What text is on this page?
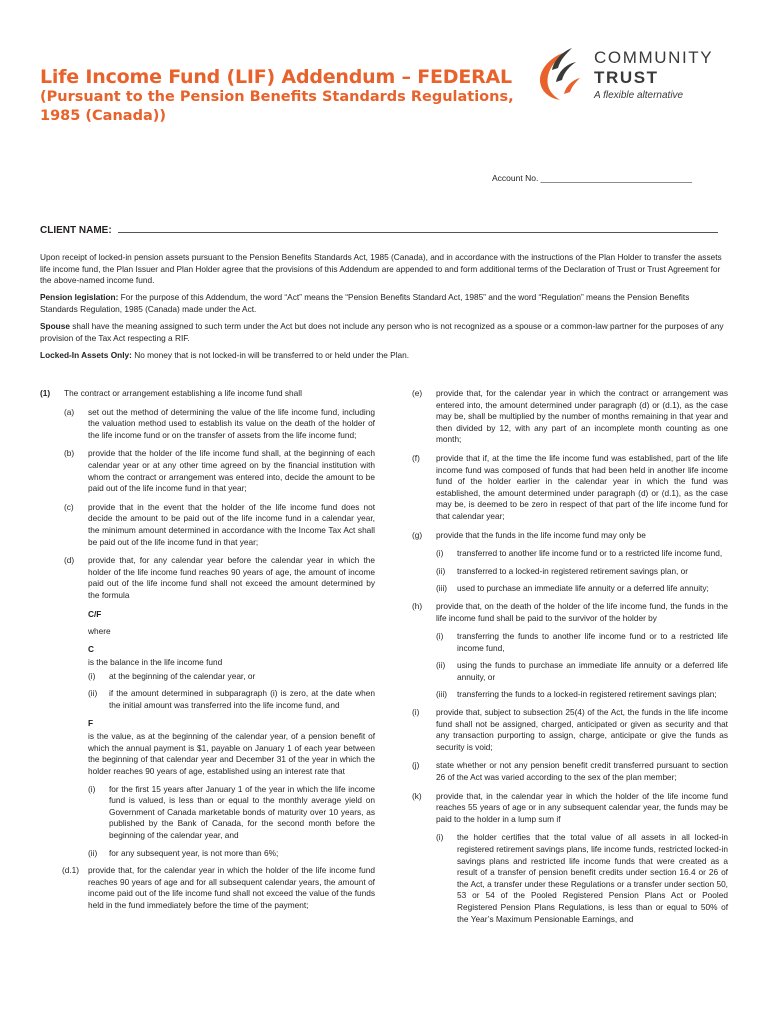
Life Income Fund (LIF) Addendum – FEDERAL
(Pursuant to the Pension Benefits Standards Regulations,
1985 (Canada))
COMMUNITY
TRUST
A flexible alternative
Account No. ________________________________
CLIENT NAME:

Upon receipt of locked-in pension assets pursuant to the Pension Benefits Standards Act, 1985 (Canada), and in accordance with the instructions of the Plan Holder to transfer the assets life income fund, the Plan Issuer and Plan Holder agree that the provisions of this Addendum are appended to and form additional terms of the Declaration of Trust or Trust Agreement for the above-named income fund.

Pension legislation: For the purpose of this Addendum, the word “Act” means the “Pension Benefits Standard Act, 1985” and the word “Regulation” means the Pension Benefits Standards Regulation, 1985 (Canada) made under the Act.

Spouse shall have the meaning assigned to such term under the Act but does not include any person who is not recognized as a spouse or a common-law partner for the purposes of any provision of the Tax Act respecting a RIF.

Locked-In Assets Only: No money that is not locked-in will be transferred to or held under the Plan.

(1) The contract or arrangement establishing a life income fund shall
(a) set out the method of determining the value of the life income fund, including the valuation method used to establish its value on the death of the holder of the life income fund or on the transfer of assets from the life income fund;
(b) provide that the holder of the life income fund shall, at the beginning of each calendar year or at any other time agreed on by the financial institution with whom the contract or arrangement was entered into, decide the amount to be paid out of the life income fund in that year;
(c) provide that in the event that the holder of the life income fund does not decide the amount to be paid out of the life income fund in a calendar year, the minimum amount determined in accordance with the Income Tax Act shall be paid out of the life income fund in that year;
(d) provide that, for any calendar year before the calendar year in which the holder of the life income fund reaches 90 years of age, the amount of income paid out of the life income fund shall not exceed the amount determined by the formula
C/F
where
C
is the balance in the life income fund
(i) at the beginning of the calendar year, or
(ii) if the amount determined in subparagraph (i) is zero, at the date when the initial amount was transferred into the life income fund, and
F
is the value, as at the beginning of the calendar year, of a pension benefit of which the annual payment is $1, payable on January 1 of each year between the beginning of that calendar year and December 31 of the year in which the holder reaches 90 years of age, established using an interest rate that
(i) for the first 15 years after January 1 of the year in which the life income fund is valued, is less than or equal to the monthly average yield on Government of Canada marketable bonds of maturity over 10 years, as published by the Bank of Canada, for the second month before the beginning of the calendar year, and
(ii) for any subsequent year, is not more than 6%;
(d.1) provide that, for the calendar year in which the holder of the life income fund reaches 90 years of age and for all subsequent calendar years, the amount of income paid out of the life income fund shall not exceed the value of the funds held in the fund immediately before the time of the payment;
(e) provide that, for the calendar year in which the contract or arrangement was entered into, the amount determined under paragraph (d) or (d.1), as the case may be, shall be multiplied by the number of months remaining in that year and then divided by 12, with any part of an incomplete month counting as one month;
(f) provide that if, at the time the life income fund was established, part of the life income fund was composed of funds that had been held in another life income fund of the holder earlier in the calendar year in which the fund was established, the amount determined under paragraph (d) or (d.1), as the case may be, is deemed to be zero in respect of that part of the life income fund for that calendar year;
(g) provide that the funds in the life income fund may only be
(i) transferred to another life income fund or to a restricted life income fund,
(ii) transferred to a locked-in registered retirement savings plan, or
(iii) used to purchase an immediate life annuity or a deferred life annuity;
(h) provide that, on the death of the holder of the life income fund, the funds in the life income fund shall be paid to the survivor of the holder by
(i) transferring the funds to another life income fund or to a restricted life income fund,
(ii) using the funds to purchase an immediate life annuity or a deferred life annuity, or
(iii) transferring the funds to a locked-in registered retirement savings plan;
(i) provide that, subject to subsection 25(4) of the Act, the funds in the life income fund shall not be assigned, charged, anticipated or given as security and that any transaction purporting to assign, charge, anticipate or give the funds as security is void;
(j) state whether or not any pension benefit credit transferred pursuant to section 26 of the Act was varied according to the sex of the plan member;
(k) provide that, in the calendar year in which the holder of the life income fund reaches 55 years of age or in any subsequent calendar year, the funds may be paid to the holder in a lump sum if
(i) the holder certifies that the total value of all assets in all locked-in registered retirement savings plans, life income funds, restricted locked-in savings plans and restricted life income funds that were created as a result of a transfer of pension benefit credits under section 16.4 or 26 of the Act, a transfer under these Regulations or a transfer under section 50, 53 or 54 of the Pooled Registered Pension Plans Act or Pooled Registered Pension Plans Regulations, is less than or equal to 50% of the Year’s Maximum Pensionable Earnings, and
